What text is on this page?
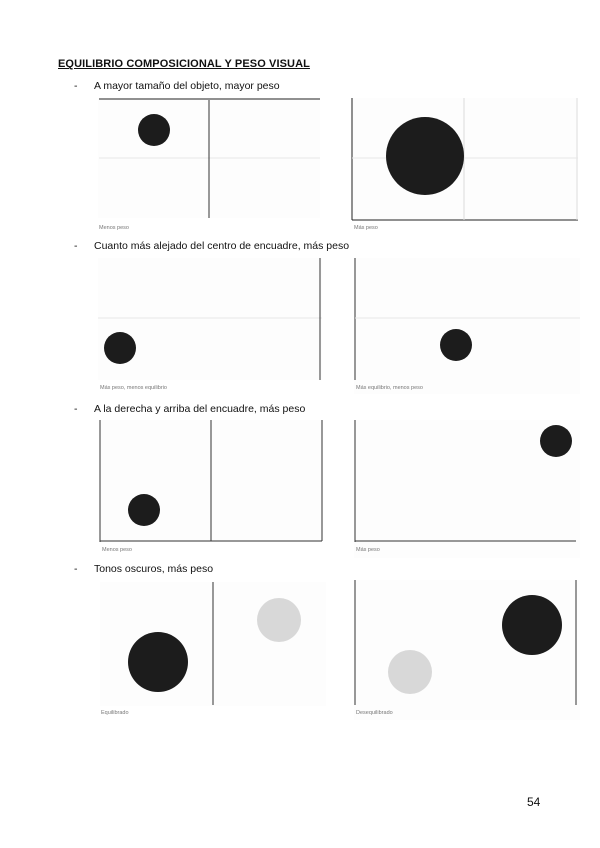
EQUILIBRIO COMPOSICIONAL Y PESO VISUAL
- A mayor tamaño del objeto, mayor peso
Menos peso	Más peso
- Cuanto más alejado del centro de encuadre, más peso
Más peso, menos equilibrio	Más equilibrio, menos peso
- A la derecha y arriba del encuadre, más peso
Menos peso	Más peso
- Tonos oscuros, más peso
Equilibrado	Desequilibrado
54
